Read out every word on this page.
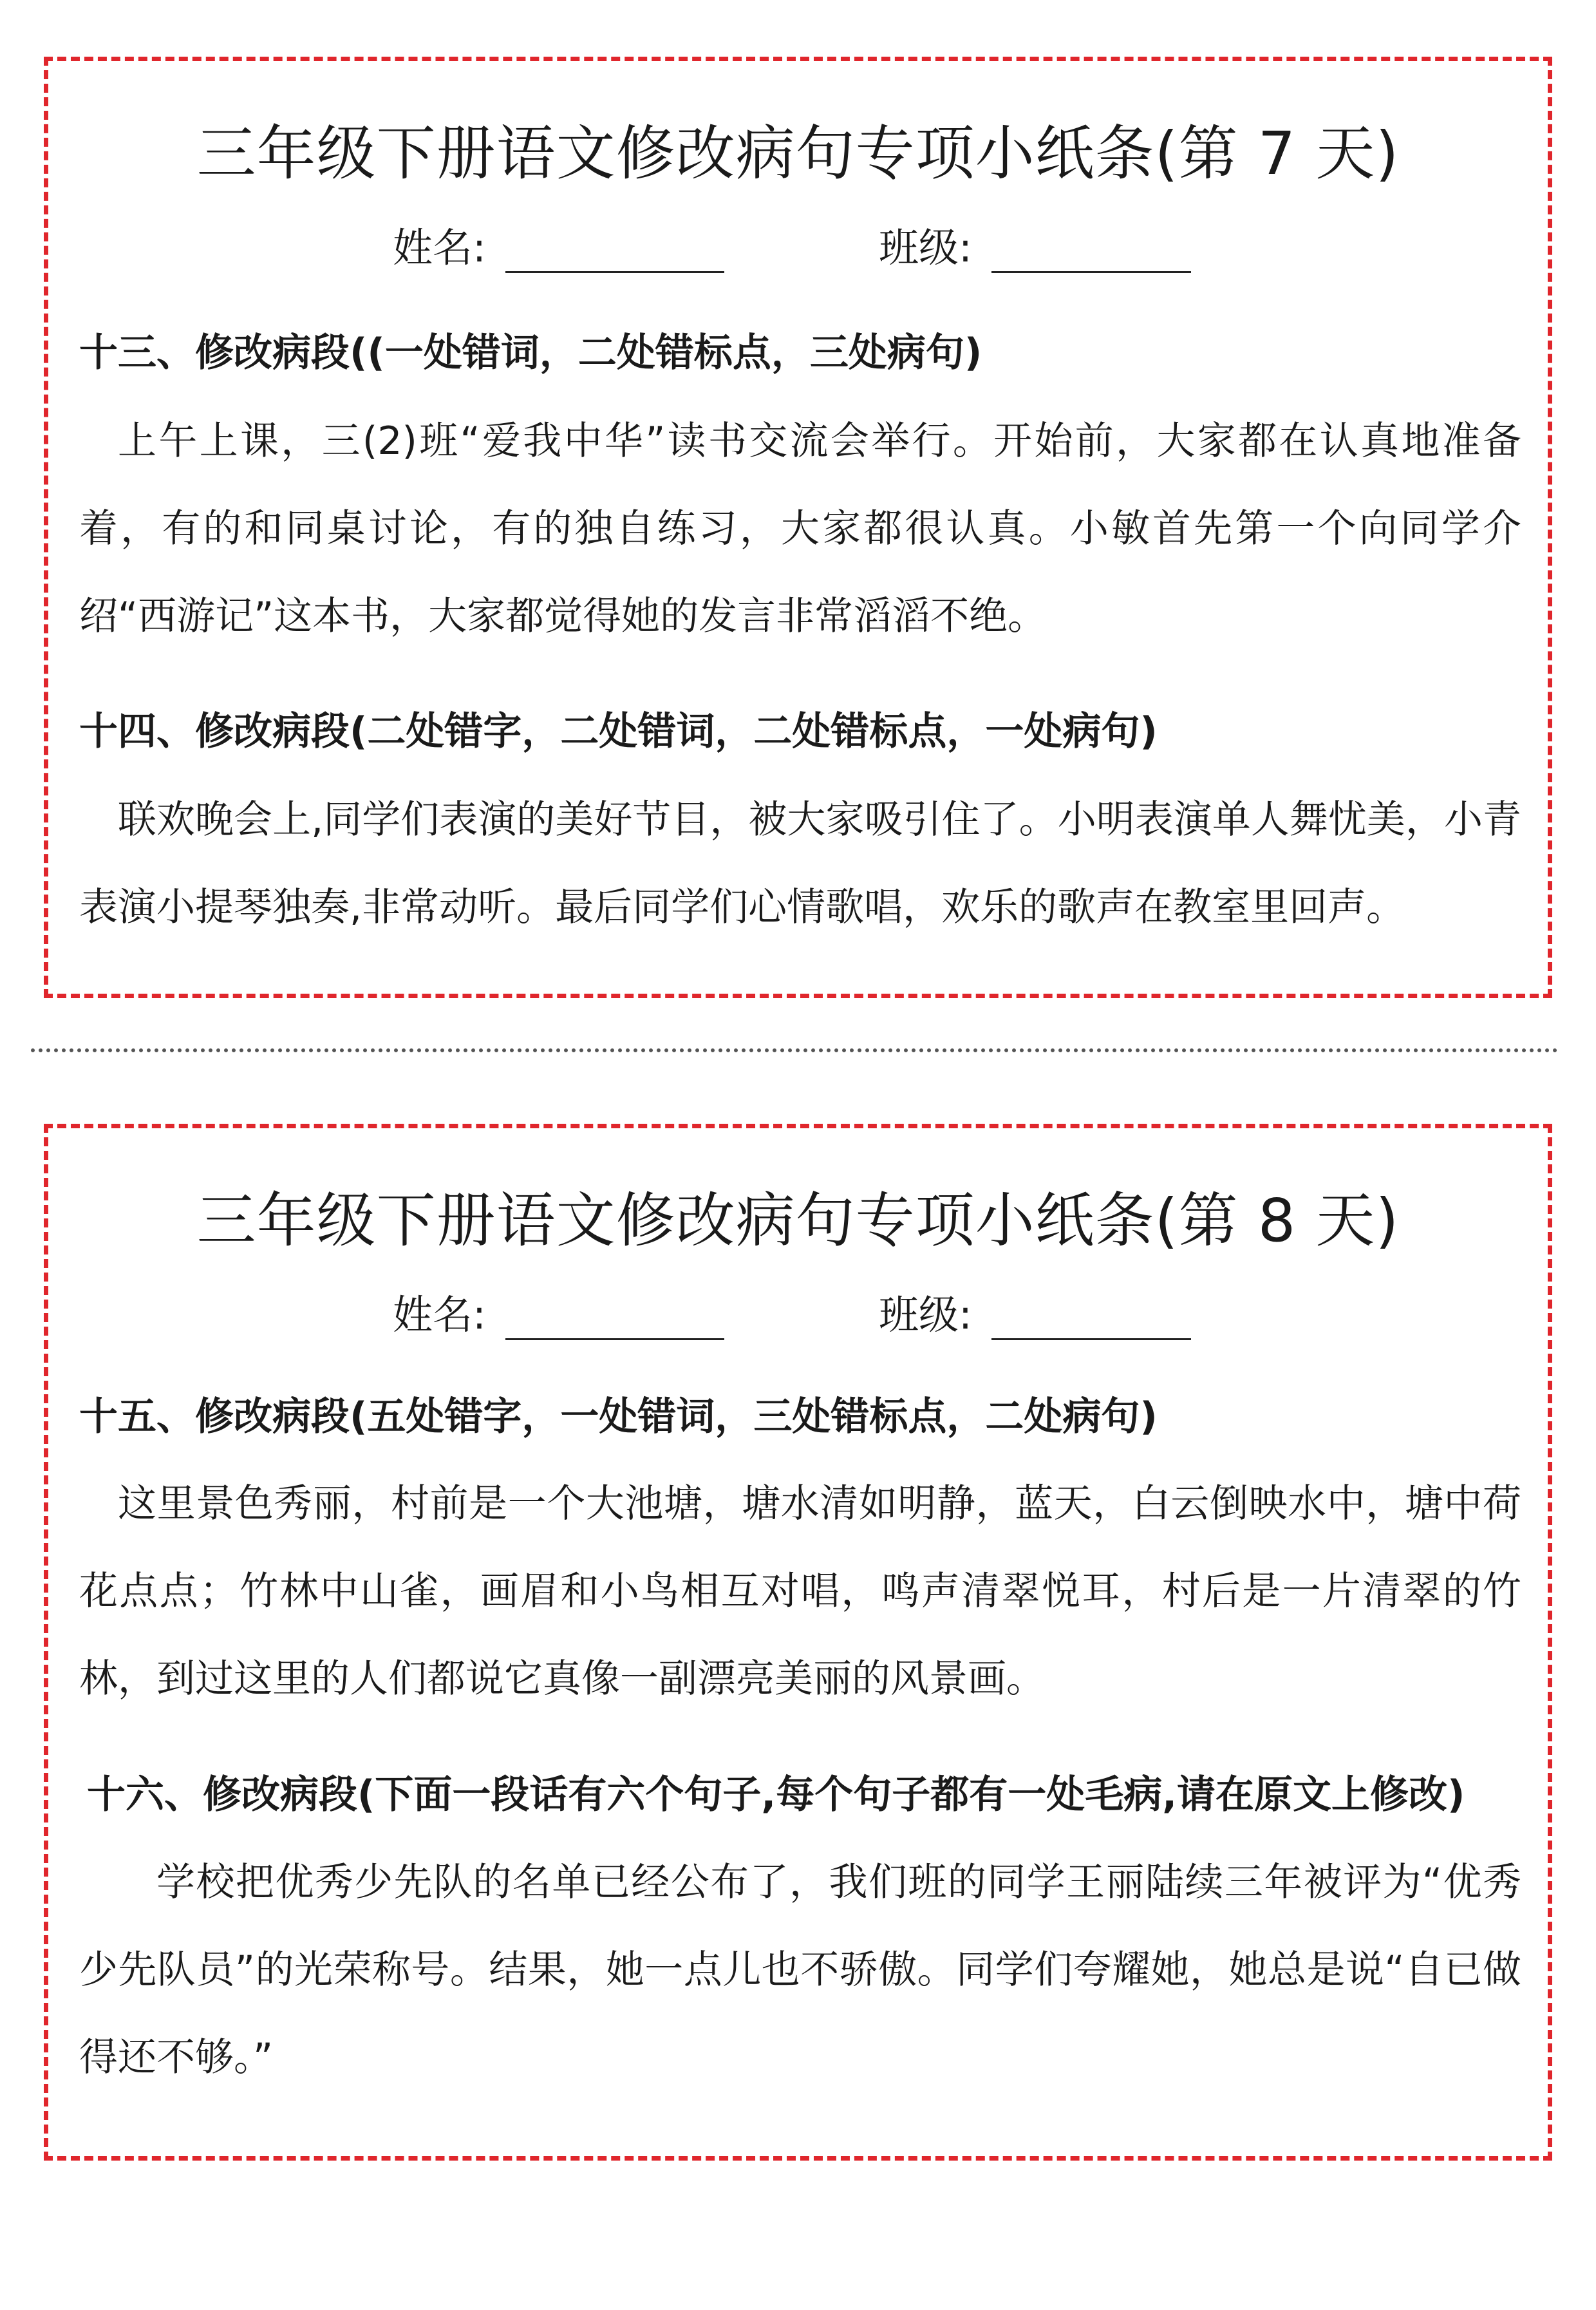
三年级下册语文修改病句专项小纸条(第 7 天)
姓名:	班级:
十三、修改病段((一处错词，二处错标点，三处病句)

上午上课，三(2)班“爱我中华”读书交流会举行。开始前，大家都在认真地准备着，有的和同桌讨论，有的独自练习，大家都很认真。小敏首先第一个向同学介绍“西游记”这本书，大家都觉得她的发言非常滔滔不绝。

十四、修改病段(二处错字，二处错词，二处错标点，一处病句)

联欢晚会上,同学们表演的美好节目，被大家吸引住了。小明表演单人舞忧美，小青表演小提琴独奏,非常动听。最后同学们心情歌唱，欢乐的歌声在教室里回声。

三年级下册语文修改病句专项小纸条(第 8 天)
姓名:	班级:
十五、修改病段(五处错字，一处错词，三处错标点，二处病句)

这里景色秀丽，村前是一个大池塘，塘水清如明静，蓝天，白云倒映水中，塘中荷花点点；竹林中山雀，画眉和小鸟相互对唱，鸣声清翠悦耳，村后是一片清翠的竹林，到过这里的人们都说它真像一副漂亮美丽的风景画。

十六、修改病段(下面一段话有六个句子,每个句子都有一处毛病,请在原文上修改)

学校把优秀少先队的名单已经公布了，我们班的同学王丽陆续三年被评为“优秀少先队员”的光荣称号。结果，她一点儿也不骄傲。同学们夸耀她，她总是说“自已做得还不够。”
